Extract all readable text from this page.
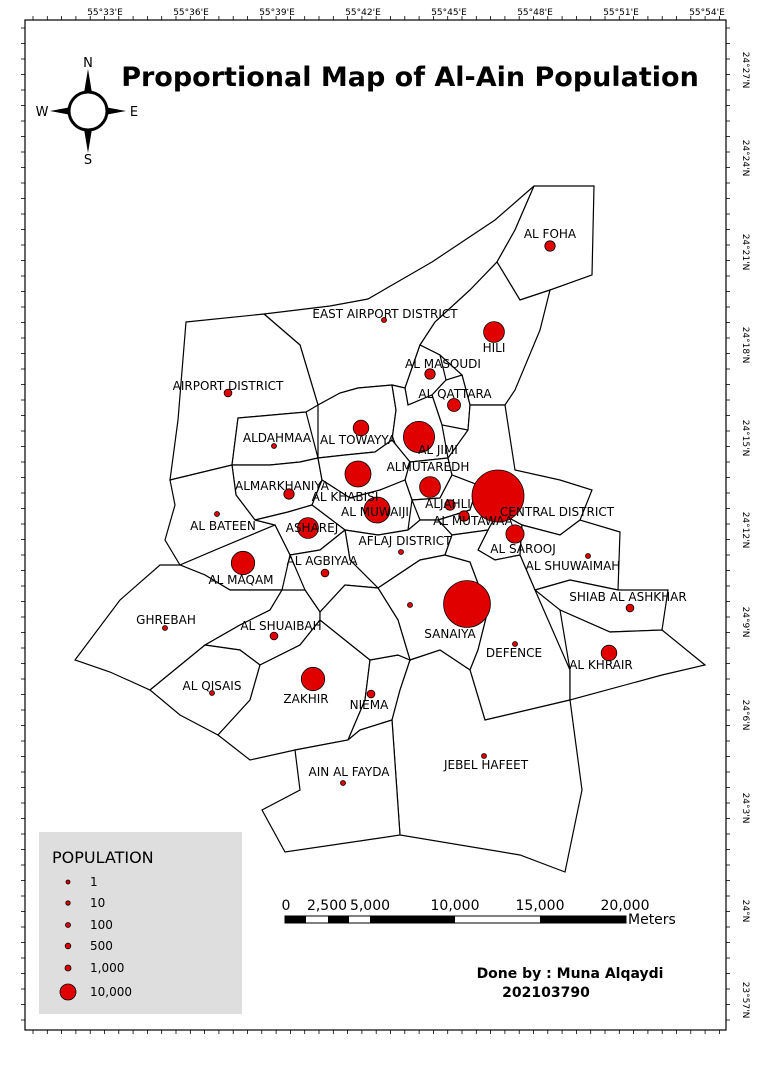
55°33'E	55°36'E	55°39'E	55°42'E	55°45'E	55°48'E	55°51'E	55°54'E
24°27'N
24°24'N
24°21'N
24°18'N
24°15'N
24°12'N
24°9'N
24°6'N
24°3'N
24°N
23°57'N
Proportional Map of Al-Ain Population
N
S
E
W
AL FOHA
EAST AIRPORT DISTRICT
HILI
AL MASOUDI
AL QATTARA
AIRPORT DISTRICT
ALDAHMAA AL TOWAYYA
AL JIMI
ALMUTAREDH
ALMARKHANIYA
AL KHABISI
AL MUWAIJI
ALJAHLI
AL MUTAWAA
CENTRAL DISTRICT
AL BATEEN ASHAREJ
AFLAJ DISTRICT
AL SAROOJ
AL SHUWAIMAH
AL MAQAM
AL AGBIYAA
GHREBAH	AL SHUAIBAH
SANAIYA
DEFENCE
SHIAB AL ASHKHAR
AL KHRAIR
AL QISAIS
ZAKHIR NIEMA
JEBEL HAFEET
AIN AL FAYDA
POPULATION
1
10
100
500
1,000
10,000
0 2,500 5,000	10,000	15,000	20,000
Meters
Done by : Muna Alqaydi
202103790
